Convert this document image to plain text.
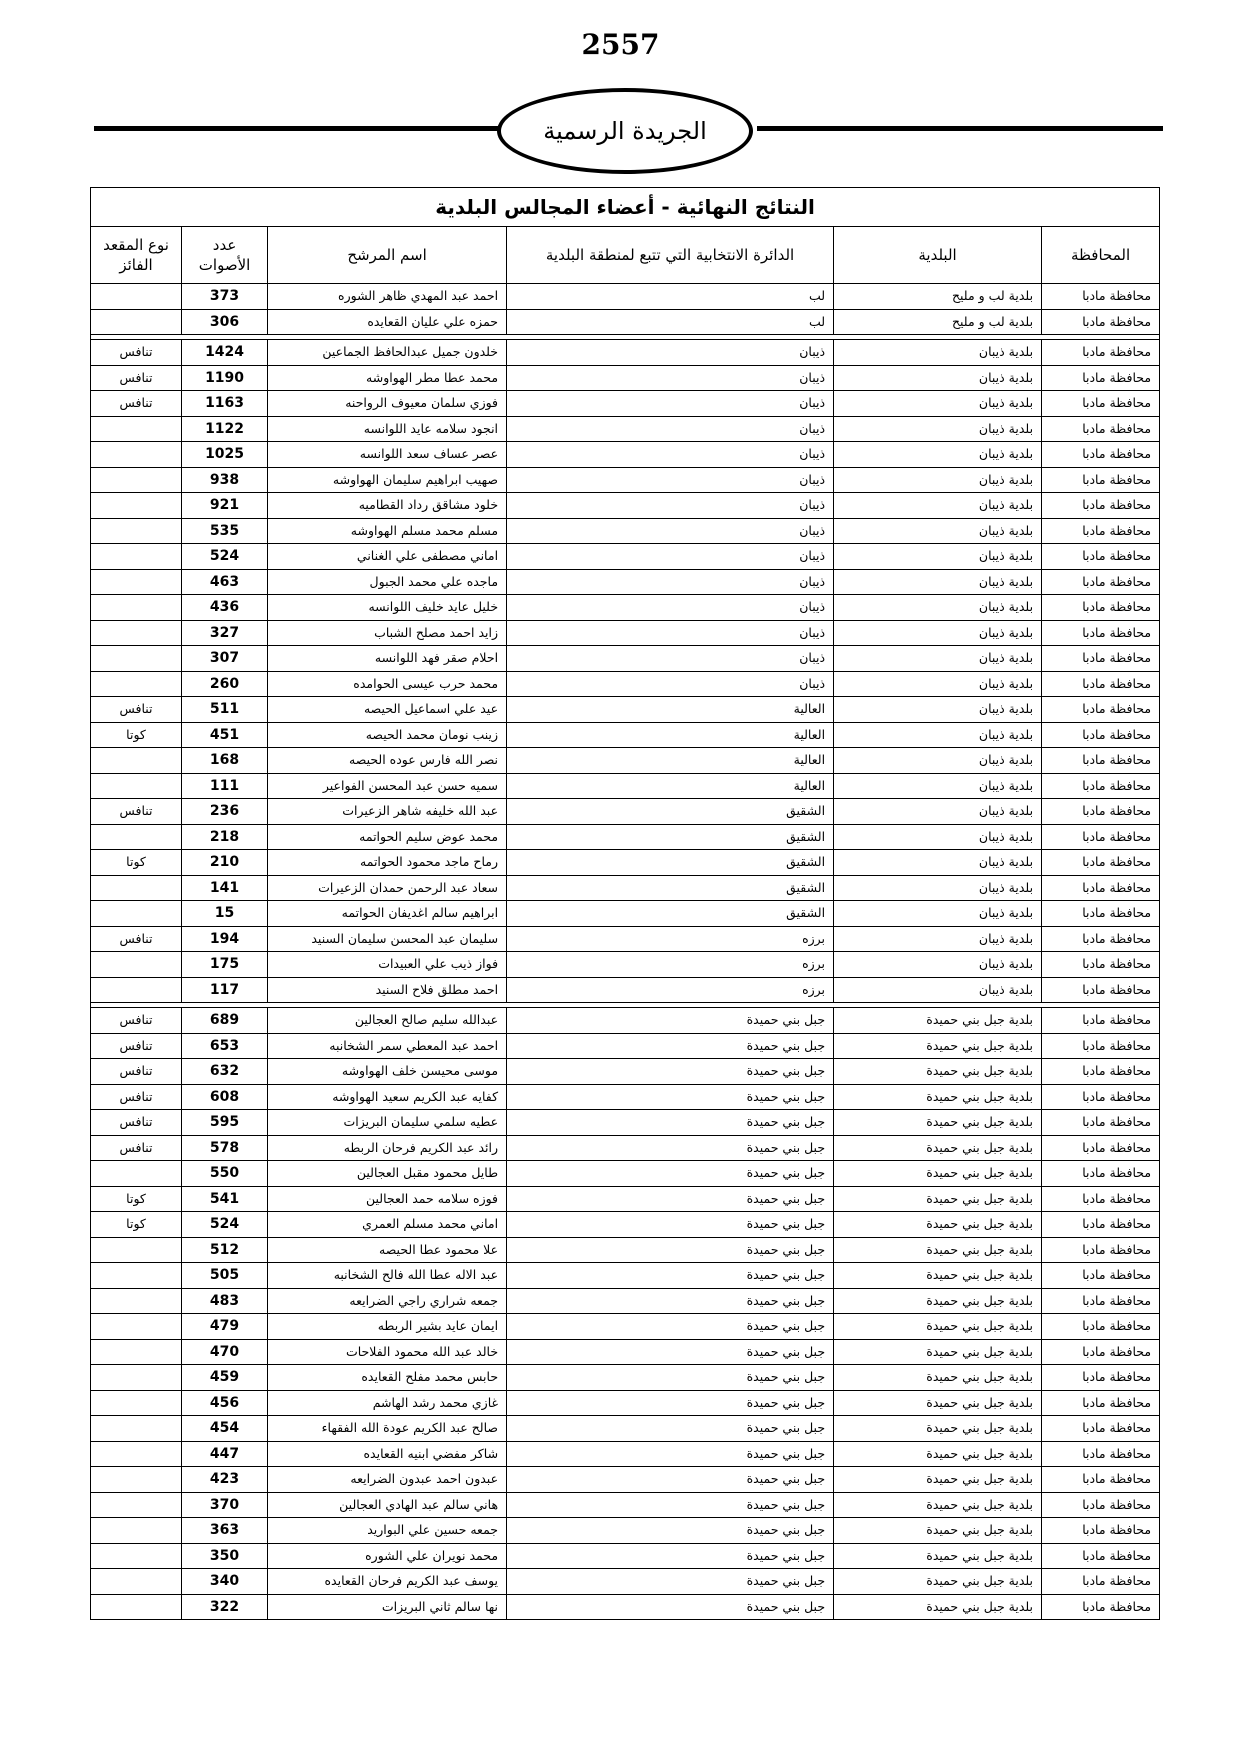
2557
الجريدة الرسمية
النتائج النهائية - أعضاء المجالس البلدية					
المحافظة	البلدية	الدائرة الانتخابية التي تتبع لمنطقة البلدية	اسم المرشح	عدد الأصوات	نوع المقعد الفائز
محافظة مادبا	بلدية لب و مليح	لب	احمد عبد المهدي ظاهر الشوره	373	
محافظة مادبا	بلدية لب و مليح	لب	حمزه علي عليان القعايده	306	

محافظة مادبا	بلدية ذيبان	ذيبان	خلدون جميل عبدالحافظ الجماعين	1424	تنافس
محافظة مادبا	بلدية ذيبان	ذيبان	محمد عطا مطر الهواوشه	1190	تنافس
محافظة مادبا	بلدية ذيبان	ذيبان	فوزي سلمان معيوف الرواحنه	1163	تنافس
محافظة مادبا	بلدية ذيبان	ذيبان	انجود سلامه عايد اللوانسه	1122	
محافظة مادبا	بلدية ذيبان	ذيبان	عصر عساف سعد اللوانسه	1025	
محافظة مادبا	بلدية ذيبان	ذيبان	صهيب ابراهيم سليمان الهواوشه	938	
محافظة مادبا	بلدية ذيبان	ذيبان	خلود مشاقق رداد القطاميه	921	
محافظة مادبا	بلدية ذيبان	ذيبان	مسلم محمد مسلم الهواوشه	535	
محافظة مادبا	بلدية ذيبان	ذيبان	اماني مصطفى علي الغناني	524	
محافظة مادبا	بلدية ذيبان	ذيبان	ماجده علي محمد الجبول	463	
محافظة مادبا	بلدية ذيبان	ذيبان	خليل عايد خليف اللوانسه	436	
محافظة مادبا	بلدية ذيبان	ذيبان	زايد احمد مصلح الشباب	327	
محافظة مادبا	بلدية ذيبان	ذيبان	احلام صقر فهد اللوانسه	307	
محافظة مادبا	بلدية ذيبان	ذيبان	محمد حرب عيسى الحوامده	260	
محافظة مادبا	بلدية ذيبان	العالية	عيد علي اسماعيل الحيصه	511	تنافس
محافظة مادبا	بلدية ذيبان	العالية	زينب نومان محمد الحيصه	451	كوتا
محافظة مادبا	بلدية ذيبان	العالية	نصر الله فارس عوده الحيصه	168	
محافظة مادبا	بلدية ذيبان	العالية	سميه حسن عبد المحسن الفواعير	111	
محافظة مادبا	بلدية ذيبان	الشقيق	عبد الله خليفه شاهر الزعيرات	236	تنافس
محافظة مادبا	بلدية ذيبان	الشقيق	محمد عوض سليم الحواتمه	218	
محافظة مادبا	بلدية ذيبان	الشقيق	رماح ماجد محمود الحواتمه	210	كوتا
محافظة مادبا	بلدية ذيبان	الشقيق	سعاد عبد الرحمن حمدان الزعيرات	141	
محافظة مادبا	بلدية ذيبان	الشقيق	ابراهيم سالم اغديفان الحواتمه	15	
محافظة مادبا	بلدية ذيبان	برزه	سليمان عبد المحسن سليمان السنيد	194	تنافس
محافظة مادبا	بلدية ذيبان	برزه	فواز ذيب علي العبيدات	175	
محافظة مادبا	بلدية ذيبان	برزه	احمد مطلق فلاح السنيد	117	

محافظة مادبا	بلدية جبل بني حميدة	جبل بني حميدة	عبدالله سليم صالح العجالين	689	تنافس
محافظة مادبا	بلدية جبل بني حميدة	جبل بني حميدة	احمد عبد المعطي سمر الشخانبه	653	تنافس
محافظة مادبا	بلدية جبل بني حميدة	جبل بني حميدة	موسى محيسن خلف الهواوشه	632	تنافس
محافظة مادبا	بلدية جبل بني حميدة	جبل بني حميدة	كفايه عبد الكريم سعيد الهواوشه	608	تنافس
محافظة مادبا	بلدية جبل بني حميدة	جبل بني حميدة	عطيه سلمي سليمان البريزات	595	تنافس
محافظة مادبا	بلدية جبل بني حميدة	جبل بني حميدة	رائد عبد الكريم فرحان الربطه	578	تنافس
محافظة مادبا	بلدية جبل بني حميدة	جبل بني حميدة	طايل محمود مقبل العجالين	550	
محافظة مادبا	بلدية جبل بني حميدة	جبل بني حميدة	فوزه سلامه حمد العجالين	541	كوتا
محافظة مادبا	بلدية جبل بني حميدة	جبل بني حميدة	اماني محمد مسلم العمري	524	كوتا
محافظة مادبا	بلدية جبل بني حميدة	جبل بني حميدة	علا محمود عطا الحيصه	512	
محافظة مادبا	بلدية جبل بني حميدة	جبل بني حميدة	عبد الاله عطا الله فالح الشخانبه	505	
محافظة مادبا	بلدية جبل بني حميدة	جبل بني حميدة	جمعه شراري راجي الضرايعه	483	
محافظة مادبا	بلدية جبل بني حميدة	جبل بني حميدة	ايمان عايد بشير الربطه	479	
محافظة مادبا	بلدية جبل بني حميدة	جبل بني حميدة	خالد عبد الله محمود الفلاحات	470	
محافظة مادبا	بلدية جبل بني حميدة	جبل بني حميدة	حابس محمد مفلح القعايده	459	
محافظة مادبا	بلدية جبل بني حميدة	جبل بني حميدة	غازي محمد رشد الهاشم	456	
محافظة مادبا	بلدية جبل بني حميدة	جبل بني حميدة	صالح عبد الكريم عودة الله الفقهاء	454	
محافظة مادبا	بلدية جبل بني حميدة	جبل بني حميدة	شاكر مفضي ابنيه القعايده	447	
محافظة مادبا	بلدية جبل بني حميدة	جبل بني حميدة	عبدون احمد عبدون الضرايعه	423	
محافظة مادبا	بلدية جبل بني حميدة	جبل بني حميدة	هاني سالم عبد الهادي العجالين	370	
محافظة مادبا	بلدية جبل بني حميدة	جبل بني حميدة	جمعه حسين علي البواريد	363	
محافظة مادبا	بلدية جبل بني حميدة	جبل بني حميدة	محمد نويران علي الشوره	350	
محافظة مادبا	بلدية جبل بني حميدة	جبل بني حميدة	يوسف عبد الكريم فرحان القعايده	340	
محافظة مادبا	بلدية جبل بني حميدة	جبل بني حميدة	نها سالم ثاني البريزات	322	
